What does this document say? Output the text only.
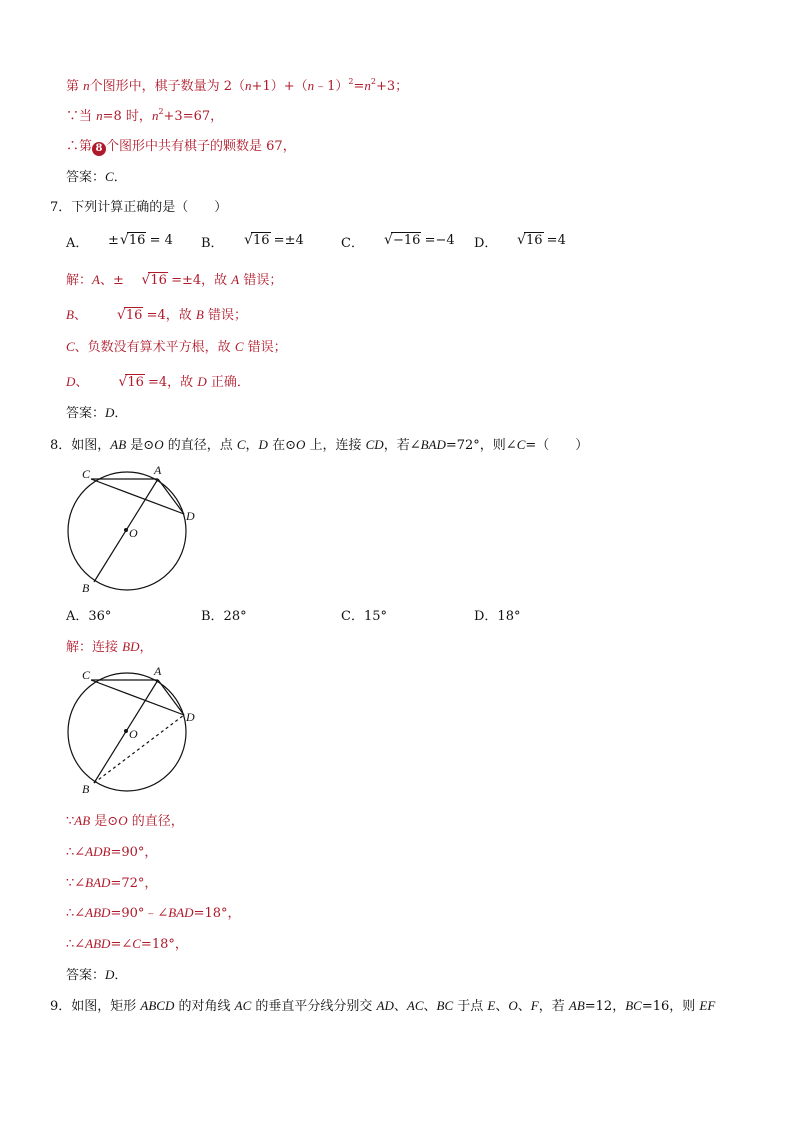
第 n个图形中，棋子数量为 $2(n+1)+(n﹣1)^2=n^2+3$；
∵当 n=8 时，$n^2+3=67$，
∴第 8 个图形中共有棋子的颗数是 67，
答案：C．
7．下列计算正确的是（　　）
A． ± √ 16 = 4 B． √ 16 =±4	C． √ −16 =−4 D． √ 16 =4
解：A、± √ 16 =±4，故 A 错误；
B、 √ 16 =4，故 B 错误；
C、负数没有算术平方根，故 C 错误；
D、 √ 16 =4，故 D 正确．
答案：D．
8．如图，AB 是⊙O 的直径，点 C，D 在⊙O 上，连接 CD，若∠BAD=72°，则∠C=（　　）
C	A
D
O
B
A．36°	B．28°	C．15°	D．18°
解：连接 BD，
C	A
D
O
B
∵AB 是⊙O 的直径，
∴∠ADB=90°，
∵∠BAD=72°，
∴∠ABD=90°﹣∠BAD=18°，
∴∠ABD=∠C=18°，
答案：D．
9．如图，矩形 ABCD 的对角线 AC 的垂直平分线分别交 AD、AC、BC 于点 E、O、F，若 AB=12，BC=16，则 EF
